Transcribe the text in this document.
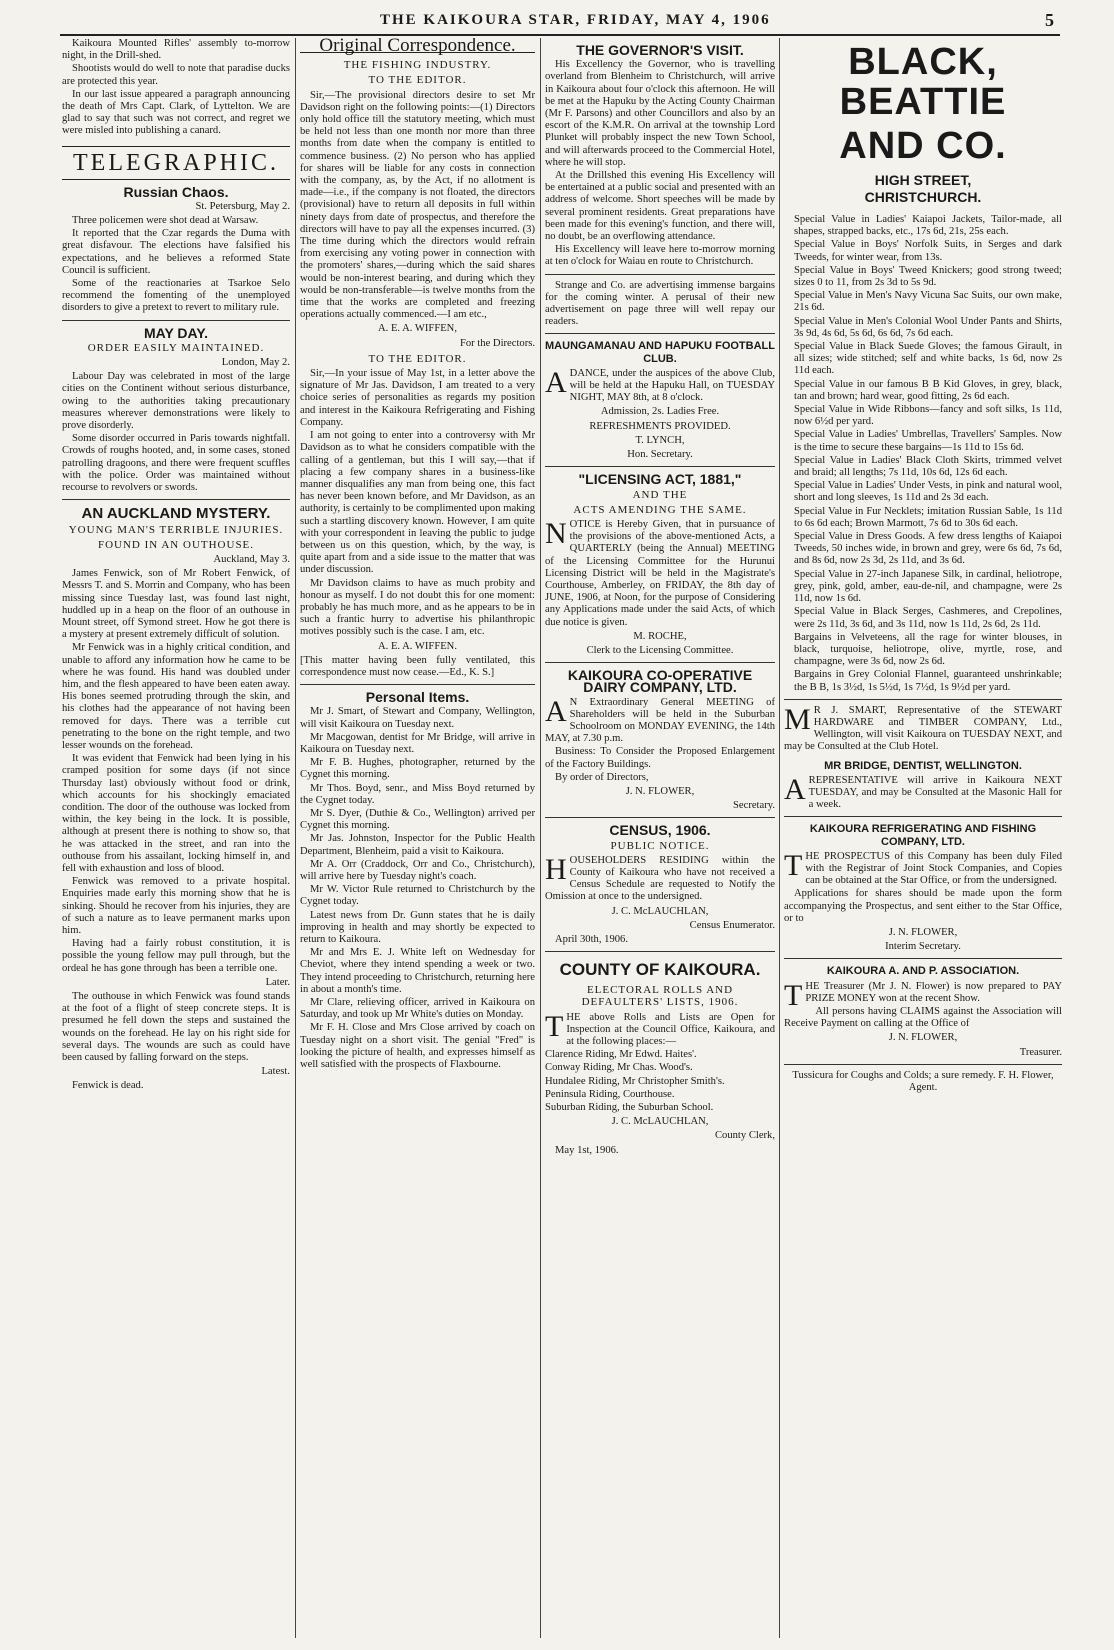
THE KAIKOURA STAR, FRIDAY, MAY 4, 1906	5

Kaikoura Mounted Rifles' assembly to-morrow night, in the Drill-shed.

Shootists would do well to note that paradise ducks are protected this year.

In our last issue appeared a paragraph announcing the death of Mrs Capt. Clark, of Lyttelton. We are glad to say that such was not correct, and regret we were misled into publishing a canard.

TELEGRAPHIC.
Russian Chaos.
St. Petersburg, May 2.

Three policemen were shot dead at Warsaw.

It reported that the Czar regards the Duma with great disfavour. The elections have falsified his expectations, and he believes a reformed State Council is sufficient.

Some of the reactionaries at Tsarkoe Selo recommend the fomenting of the unemployed disorders to give a pretext to revert to military rule.

MAY DAY.
ORDER EASILY MAINTAINED.
London, May 2.

Labour Day was celebrated in most of the large cities on the Continent without serious disturbance, owing to the authorities taking precautionary measures wherever demonstrations were likely to prove disorderly.

Some disorder occurred in Paris towards nightfall. Crowds of roughs hooted, and, in some cases, stoned patrolling dragoons, and there were frequent scuffles with the police. Order was maintained without recourse to revolvers or swords.

AN AUCKLAND MYSTERY.
YOUNG MAN'S TERRIBLE INJURIES.
FOUND IN AN OUTHOUSE.
Auckland, May 3.

James Fenwick, son of Mr Robert Fenwick, of Messrs T. and S. Morrin and Company, who has been missing since Tuesday last, was found last night, huddled up in a heap on the floor of an outhouse in Mount street, off Symond street. How he got there is a mystery at present extremely difficult of solution.

Mr Fenwick was in a highly critical condition, and unable to afford any information how he came to be where he was found. His hand was doubled under him, and the flesh appeared to have been eaten away. His bones seemed protruding through the skin, and his clothes had the appearance of not having been removed for days. There was a terrible cut penetrating to the bone on the right temple, and two lesser wounds on the forehead.

It was evident that Fenwick had been lying in his cramped position for some days (if not since Thursday last) obviously without food or drink, which accounts for his shockingly emaciated condition. The door of the outhouse was locked from within, the key being in the lock. It is possible, although at present there is nothing to show so, that he was attacked in the street, and ran into the outhouse from his assailant, locking himself in, and fell with exhaustion and loss of blood.

Fenwick was removed to a private hospital. Enquiries made early this morning show that he is sinking. Should he recover from his injuries, they are of such a nature as to leave permanent marks upon him.

Having had a fairly robust constitution, it is possible the young fellow may pull through, but the ordeal he has gone through has been a terrible one.

Later.

The outhouse in which Fenwick was found stands at the foot of a flight of steep concrete steps. It is presumed he fell down the steps and sustained the wounds on the forehead. He lay on his right side for several days. The wounds are such as could have been caused by falling forward on the steps.

Latest.

Fenwick is dead.

Original Correspondence.
THE FISHING INDUSTRY.
TO THE EDITOR.

Sir,—The provisional directors desire to set Mr Davidson right on the following points:—(1) Directors only hold office till the statutory meeting, which must be held not less than one month nor more than three months from date when the company is entitled to commence business. (2) No person who has applied for shares will be liable for any costs in connection with the company, as, by the Act, if no allotment is made—i.e., if the company is not floated, the directors (provisional) have to return all deposits in full within ninety days from date of prospectus, and therefore the directors will have to pay all the expenses incurred. (3) The time during which the directors would refrain from exercising any voting power in connection with the promoters' shares,—during which the said shares would be non-interest bearing, and during which they would be non-transferable—is twelve months from the time that the works are completed and freezing operations actually commenced.—I am etc.,

A. E. A. WIFFEN,
For the Directors.
TO THE EDITOR.

Sir,—In your issue of May 1st, in a letter above the signature of Mr Jas. Davidson, I am treated to a very choice series of personalities as regards my position and interest in the Kaikoura Refrigerating and Fishing Company.

I am not going to enter into a controversy with Mr Davidson as to what he considers compatible with the calling of a gentleman, but this I will say,—that if placing a few company shares in a business-like manner disqualifies any man from being one, this fact has never been known before, and Mr Davidson, as an authority, is certainly to be complimented upon making such a startling discovery known. However, I am quite with your correspondent in leaving the public to judge between us on this question, which, by the way, is quite apart from and a side issue to the matter that was under discussion.

Mr Davidson claims to have as much probity and honour as myself. I do not doubt this for one moment: probably he has much more, and as he appears to be in such a frantic hurry to advertise his philanthropic motives possibly such is the case. I am, etc.

A. E. A. WIFFEN.

[This matter having been fully ventilated, this correspondence must now cease.—Ed., K. S.]

Personal Items.

Mr J. Smart, of Stewart and Company, Wellington, will visit Kaikoura on Tuesday next.

Mr Macgowan, dentist for Mr Bridge, will arrive in Kaikoura on Tuesday next.

Mr F. B. Hughes, photographer, returned by the Cygnet this morning.

Mr Thos. Boyd, senr., and Miss Boyd returned by the Cygnet today.

Mr S. Dyer, (Duthie & Co., Wellington) arrived per Cygnet this morning.

Mr Jas. Johnston, Inspector for the Public Health Department, Blenheim, paid a visit to Kaikoura.

Mr A. Orr (Craddock, Orr and Co., Christchurch), will arrive here by Tuesday night's coach.

Mr W. Victor Rule returned to Christchurch by the Cygnet today.

Latest news from Dr. Gunn states that he is daily improving in health and may shortly be expected to return to Kaikoura.

Mr and Mrs E. J. White left on Wednesday for Cheviot, where they intend spending a week or two. They intend proceeding to Christchurch, returning here in about a month's time.

Mr Clare, relieving officer, arrived in Kaikoura on Saturday, and took up Mr White's duties on Monday.

Mr F. H. Close and Mrs Close arrived by coach on Tuesday night on a short visit. The genial "Fred" is looking the picture of health, and expresses himself as well satisfied with the prospects of Flaxbourne.

THE GOVERNOR'S VISIT.

His Excellency the Governor, who is travelling overland from Blenheim to Christchurch, will arrive in Kaikoura about four o'clock this afternoon. He will be met at the Hapuku by the Acting County Chairman (Mr F. Parsons) and other Councillors and also by an escort of the K.M.R. On arrival at the township Lord Plunket will probably inspect the new Town School, and will afterwards proceed to the Commercial Hotel, where he will stop.

At the Drillshed this evening His Excellency will be entertained at a public social and presented with an address of welcome. Short speeches will be made by several prominent residents. Great preparations have been made for this evening's function, and there will, no doubt, be an overflowing attendance.

His Excellency will leave here to-morrow morning at ten o'clock for Waiau en route to Christchurch.

Strange and Co. are advertising immense bargains for the coming winter. A perusal of their new advertisement on page three will well repay our readers.

MAUNGAMANAU AND HAPUKU FOOTBALL CLUB.

ADANCE, under the auspices of the above Club, will be held at the Hapuku Hall, on TUESDAY NIGHT, MAY 8th, at 8 o'clock.

Admission, 2s. Ladies Free.
REFRESHMENTS PROVIDED.
T. LYNCH,
Hon. Secretary.
"LICENSING ACT, 1881,"
AND THE
ACTS AMENDING THE SAME.

NOTICE is Hereby Given, that in pursuance of the provisions of the above-mentioned Acts, a QUARTERLY (being the Annual) MEETING of the Licensing Committee for the Hurunui Licensing District will be held in the Magistrate's Courthouse, Amberley, on FRIDAY, the 8th day of JUNE, 1906, at Noon, for the purpose of Considering any Applications made under the said Acts, of which due notice is given.

M. ROCHE,
Clerk to the Licensing Committee.
KAIKOURA CO-OPERATIVE DAIRY COMPANY, LTD.

A N Extraordinary General MEETING of Shareholders will be held in the Suburban Schoolroom on MONDAY EVENING, the 14th MAY, at 7.30 p.m.

Business: To Consider the Proposed Enlargement of the Factory Buildings.

By order of Directors,

J. N. FLOWER,
Secretary.
CENSUS, 1906.
PUBLIC NOTICE.

HOUSEHOLDERS RESIDING within the County of Kaikoura who have not received a Census Schedule are requested to Notify the Omission at once to the undersigned.

J. C. McLAUCHLAN,
Census Enumerator.

April 30th, 1906.

COUNTY OF KAIKOURA.
ELECTORAL ROLLS AND DEFAULTERS' LISTS, 1906.

THE above Rolls and Lists are Open for Inspection at the Council Office, Kaikoura, and at the following places:—

Clarence Riding, Mr Edwd. Haites'.

Conway Riding, Mr Chas. Wood's.

Hundalee Riding, Mr Christopher Smith's.

Peninsula Riding, Courthouse.

Suburban Riding, the Suburban School.

J. C. McLAUCHLAN,
County Clerk,

May 1st, 1906.

BLACK, BEATTIE
AND CO.
HIGH STREET,
CHRISTCHURCH.

Special Value in Ladies' Kaiapoi Jackets, Tailor-made, all shapes, strapped backs, etc., 17s 6d, 21s, 25s each.

Special Value in Boys' Norfolk Suits, in Serges and dark Tweeds, for winter wear, from 13s.

Special Value in Boys' Tweed Knickers; good strong tweed; sizes 0 to 11, from 2s 3d to 5s 9d.

Special Value in Men's Navy Vicuna Sac Suits, our own make, 21s 6d.

Special Value in Men's Colonial Wool Under Pants and Shirts, 3s 9d, 4s 6d, 5s 6d, 6s 6d, 7s 6d each.

Special Value in Black Suede Gloves; the famous Girault, in all sizes; wide stitched; self and white backs, 1s 6d, now 2s 11d each.

Special Value in our famous B B Kid Gloves, in grey, black, tan and brown; hard wear, good fitting, 2s 6d each.

Special Value in Wide Ribbons—fancy and soft silks, 1s 11d, now 6½d per yard.

Special Value in Ladies' Umbrellas, Travellers' Samples. Now is the time to secure these bargains—1s 11d to 15s 6d.

Special Value in Ladies' Black Cloth Skirts, trimmed velvet and braid; all lengths; 7s 11d, 10s 6d, 12s 6d each.

Special Value in Ladies' Under Vests, in pink and natural wool, short and long sleeves, 1s 11d and 2s 3d each.

Special Value in Fur Necklets; imitation Russian Sable, 1s 11d to 6s 6d each; Brown Marmott, 7s 6d to 30s 6d each.

Special Value in Dress Goods. A few dress lengths of Kaiapoi Tweeds, 50 inches wide, in brown and grey, were 6s 6d, 7s 6d, and 8s 6d, now 2s 3d, 2s 11d, and 3s 6d.

Special Value in 27-inch Japanese Silk, in cardinal, heliotrope, grey, pink, gold, amber, eau-de-nil, and champagne, were 2s 11d, now 1s 6d.

Special Value in Black Serges, Cashmeres, and Crepolines, were 2s 11d, 3s 6d, and 3s 11d, now 1s 11d, 2s 6d, 2s 11d.

Bargains in Velveteens, all the rage for winter blouses, in black, turquoise, heliotrope, olive, myrtle, rose, and champagne, were 3s 6d, now 2s 6d.

Bargains in Grey Colonial Flannel, guaranteed unshrinkable; the B B, 1s 3½d, 1s 5½d, 1s 7½d, 1s 9½d per yard.

M R J. SMART, Representative of the STEWART HARDWARE and TIMBER COMPANY, Ltd., Wellington, will visit Kaikoura on TUESDAY NEXT, and may be Consulted at the Club Hotel.

MR BRIDGE, DENTIST, WELLINGTON.

AREPRESENTATIVE will arrive in Kaikoura NEXT TUESDAY, and may be Consulted at the Masonic Hall for a week.

KAIKOURA REFRIGERATING AND FISHING COMPANY, LTD.

THE PROSPECTUS of this Company has been duly Filed with the Registrar of Joint Stock Companies, and Copies can be obtained at the Star Office, or from the undersigned.

Applications for shares should be made upon the form accompanying the Prospectus, and sent either to the Star Office, or to

J. N. FLOWER,
Interim Secretary.
KAIKOURA A. AND P. ASSOCIATION.

THE Treasurer (Mr J. N. Flower) is now prepared to PAY PRIZE MONEY won at the recent Show.

All persons having CLAIMS against the Association will Receive Payment on calling at the Office of

J. N. FLOWER,
Treasurer.

Tussicura for Coughs and Colds; a sure remedy. F. H. Flower, Agent.
